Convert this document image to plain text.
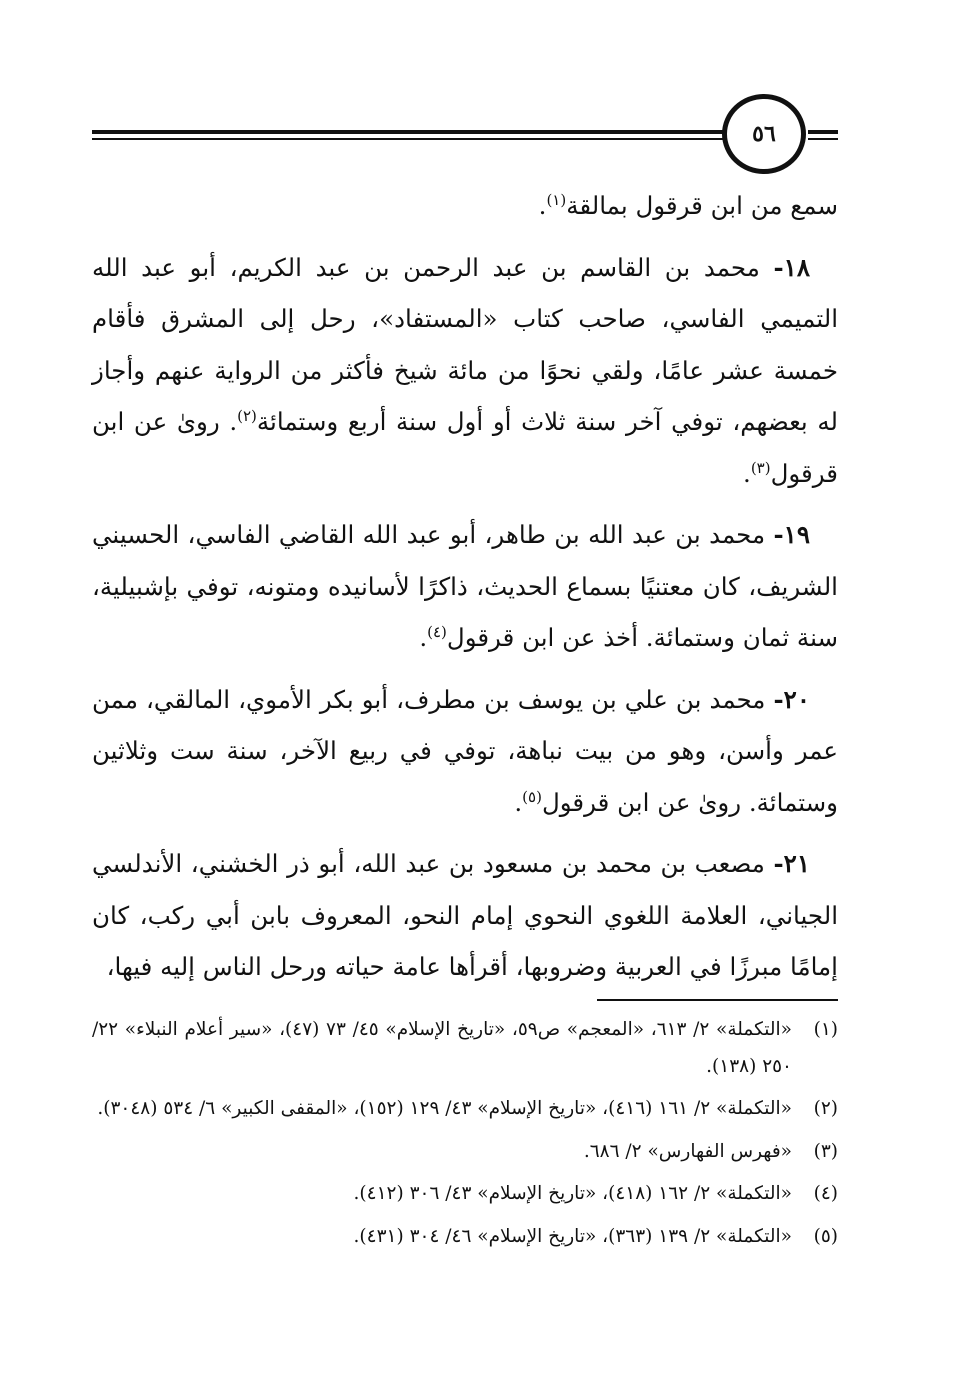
٥٦

سمع من ابن قرقول بمالقة$^{(١)}$.

١٨- محمد بن القاسم بن عبد الرحمن بن عبد الكريم، أبو عبد الله التميمي الفاسي، صاحب كتاب «المستفاد»، رحل إلى المشرق فأقام خمسة عشر عامًا، ولقي نحوًا من مائة شيخ فأكثر من الرواية عنهم وأجاز له بعضهم، توفي آخر سنة ثلاث أو أول سنة أربع وستمائة$^{(٢)}$. روىٰ عن ابن قرقول$^{(٣)}$.

١٩- محمد بن عبد الله بن طاهر، أبو عبد الله القاضي الفاسي، الحسيني الشريف، كان معتنيًا بسماع الحديث، ذاكرًا لأسانيده ومتونه، توفي بإشبيلية، سنة ثمان وستمائة. أخذ عن ابن قرقول$^{(٤)}$.

٢٠- محمد بن علي بن يوسف بن مطرف، أبو بكر الأموي، المالقي، ممن عمر وأسن، وهو من بيت نباهة، توفي في ربيع الآخر، سنة ست وثلاثين وستمائة. روىٰ عن ابن قرقول$^{(٥)}$.

٢١- مصعب بن محمد بن مسعود بن عبد الله، أبو ذر الخشني، الأندلسي الجياني، العلامة اللغوي النحوي إمام النحو، المعروف بابن أبي ركب، كان إمامًا مبرزًا في العربية وضروبها، أقرأها عامة حياته ورحل الناس إليه فيها،

(١)
«التكملة» ٢/ ٦١٣، «المعجم» ص٥٩، «تاريخ الإسلام» ٤٥/ ٧٣ (٤٧)، «سير أعلام النبلاء» ٢٢/ ٢٥٠ (١٣٨).
(٢)
«التكملة» ٢/ ١٦١ (٤١٦)، «تاريخ الإسلام» ٤٣/ ١٢٩ (١٥٢)، «المقفى الكبير» ٦/ ٥٣٤ (٣٠٤٨).
(٣)
«فهرس الفهارس» ٢/ ٦٨٦.
(٤)
«التكملة» ٢/ ١٦٢ (٤١٨)، «تاريخ الإسلام» ٤٣/ ٣٠٦ (٤١٢).
(٥)
«التكملة» ٢/ ١٣٩ (٣٦٣)، «تاريخ الإسلام» ٤٦/ ٣٠٤ (٤٣١).
